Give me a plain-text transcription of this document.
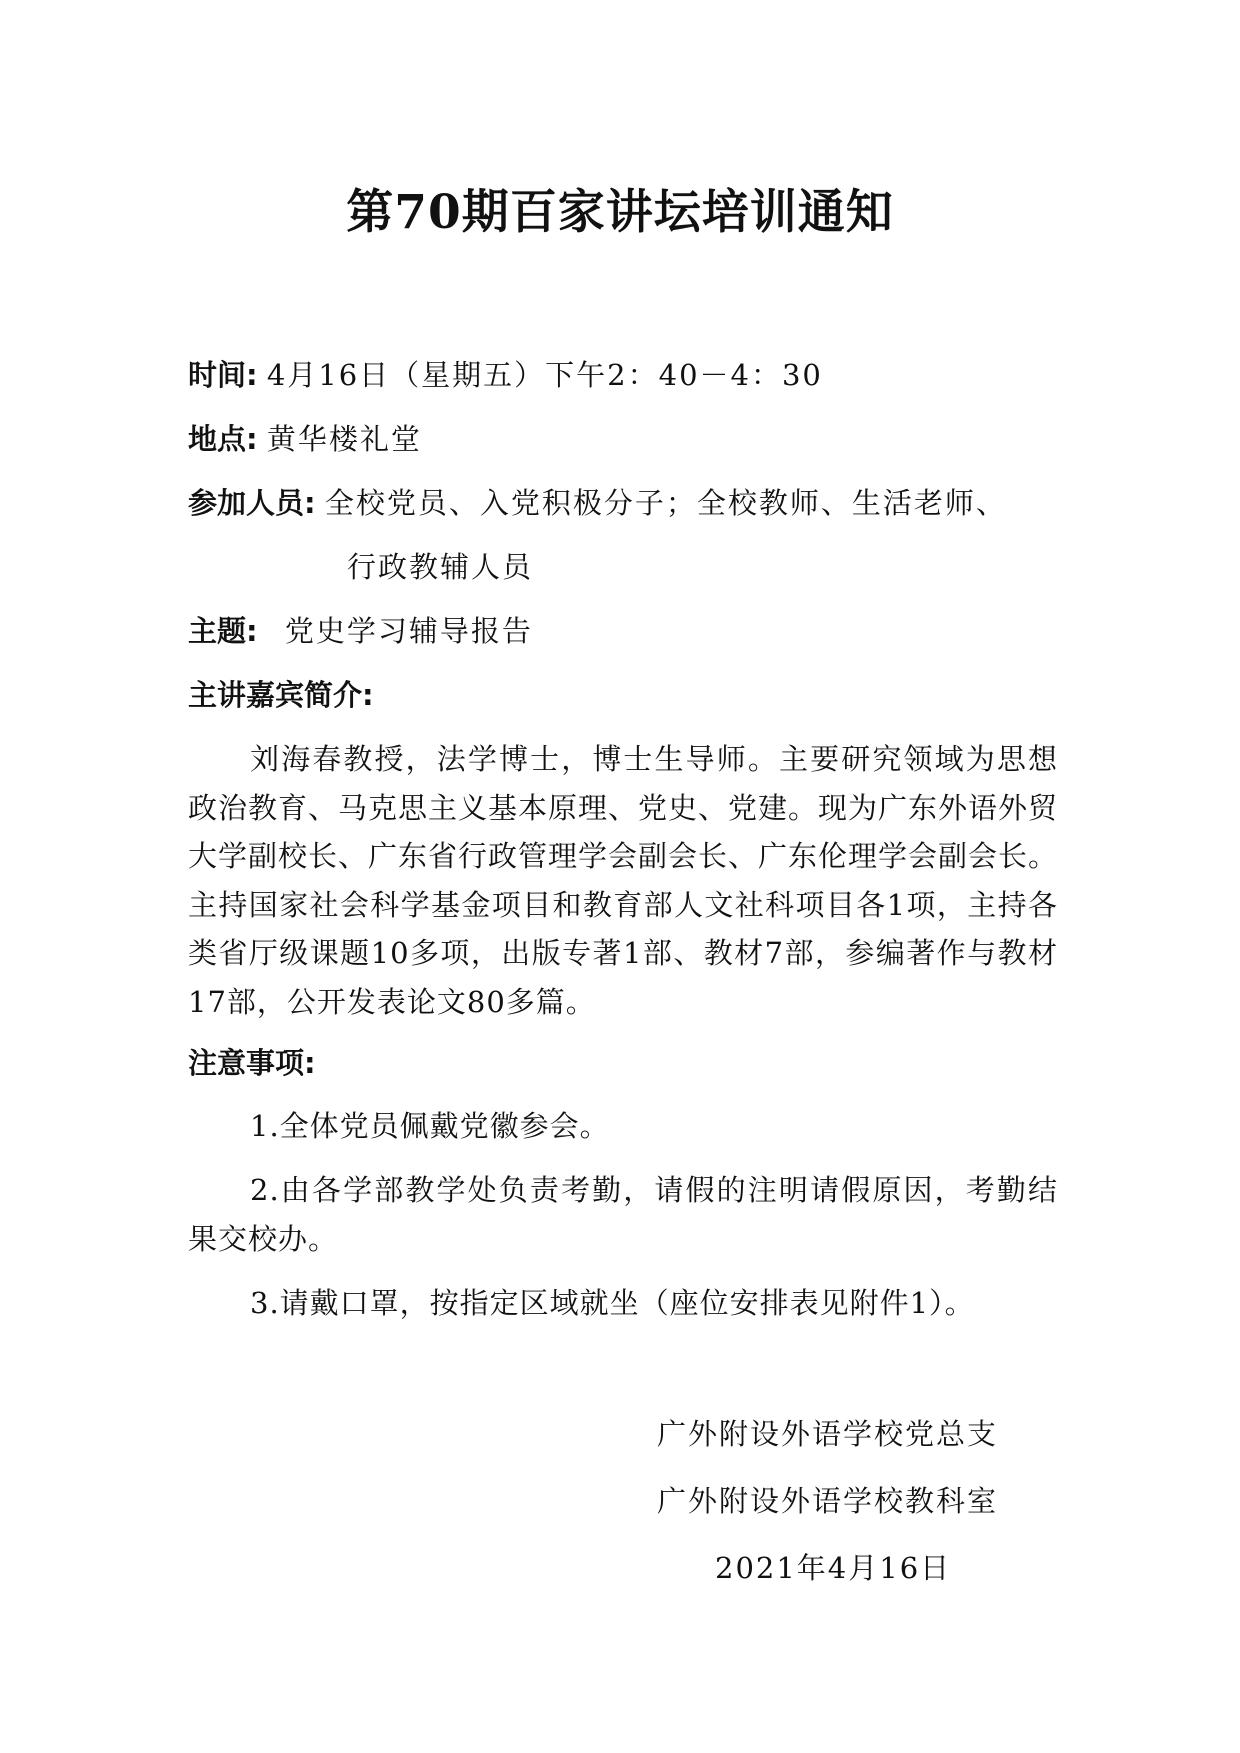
第70期百家讲坛培训通知
时间: 4月16日（星期五）下午2：40－4：30
地点: 黄华楼礼堂
参加人员: 全校党员、入党积极分子；全校教师、生活老师、
行政教辅人员
主题: 党史学习辅导报告
主讲嘉宾简介:
刘海春教授，法学博士，博士生导师。主要研究领域为思想政治教育、马克思主义基本原理、党史、党建。现为广东外语外贸大学副校长、广东省行政管理学会副会长、广东伦理学会副会长。主持国家社会科学基金项目和教育部人文社科项目各1项，主持各类省厅级课题10多项，出版专著1部、教材7部，参编著作与教材17部，公开发表论文80多篇。
注意事项:
1.全体党员佩戴党徽参会。
2.由各学部教学处负责考勤，请假的注明请假原因，考勤结果交校办。
3.请戴口罩，按指定区域就坐（座位安排表见附件1）。
广外附设外语学校党总支
广外附设外语学校教科室
2021年4月16日
